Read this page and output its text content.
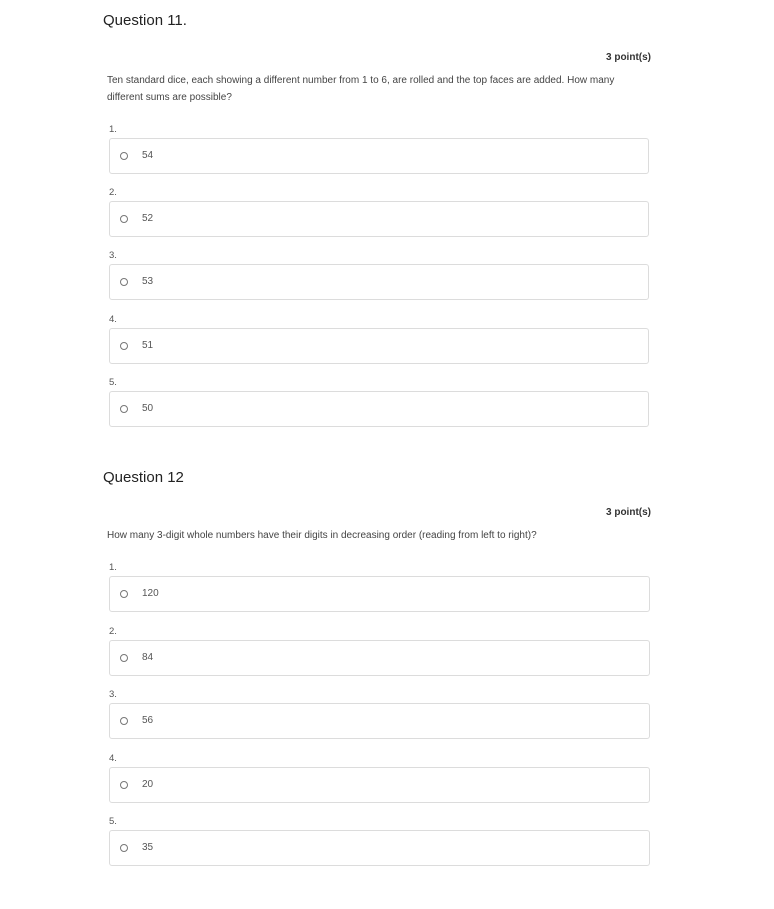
Question 11.
3 point(s)
Ten standard dice, each showing a different number from 1 to 6, are rolled and the top faces are added. How many different sums are possible?
1.
54
2.
52
3.
53
4.
51
5.
50
Question 12
3 point(s)
How many 3-digit whole numbers have their digits in decreasing order (reading from left to right)?
1.
120
2.
84
3.
56
4.
20
5.
35
